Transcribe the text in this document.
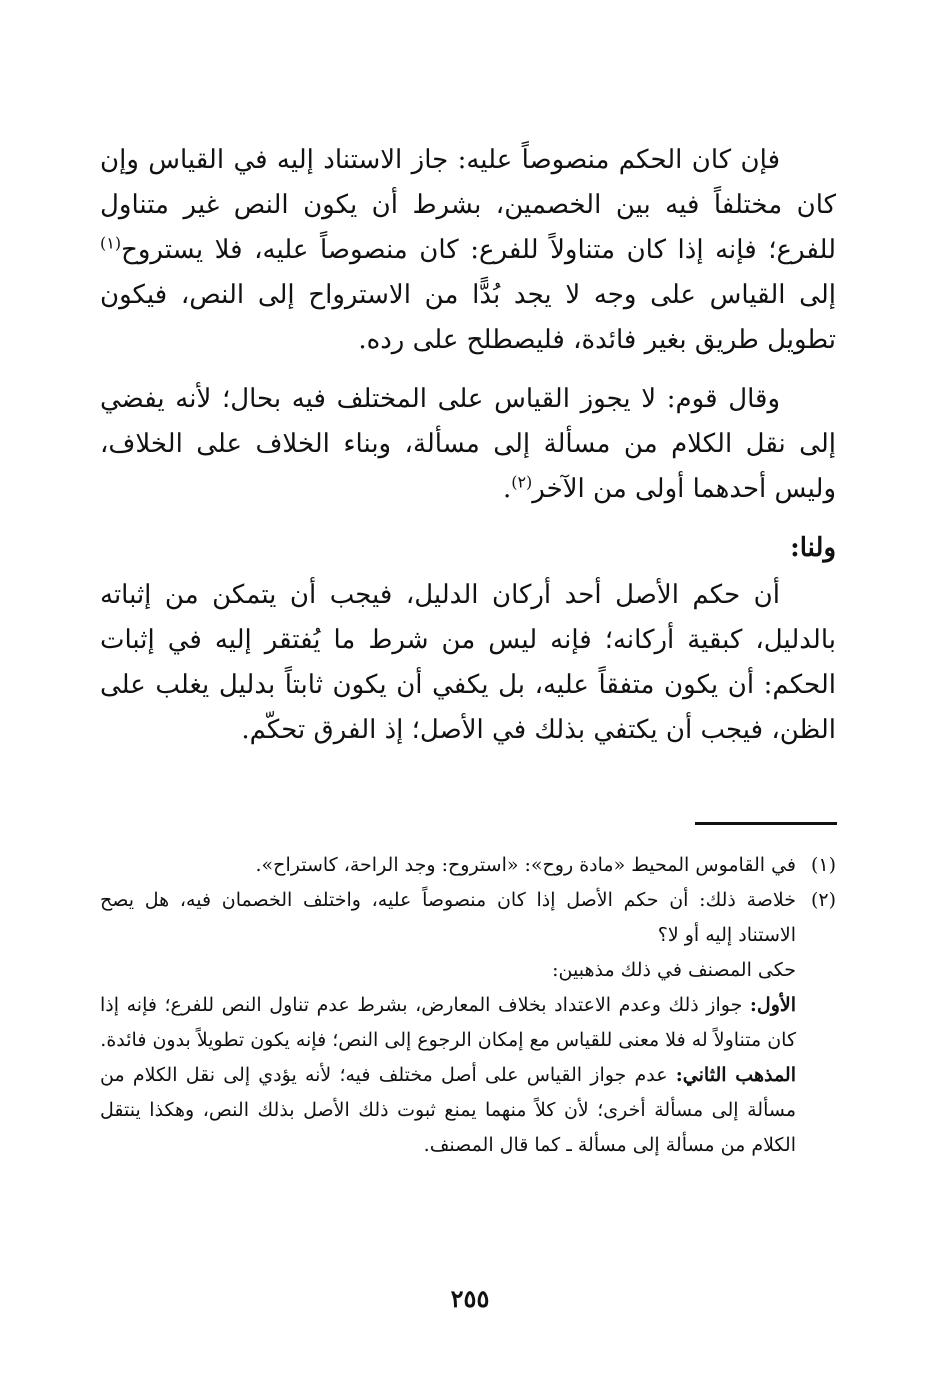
فإن كان الحكم منصوصاً عليه: جاز الاستناد إليه في القياس وإن كان مختلفاً فيه بين الخصمين، بشرط أن يكون النص غير متناول للفرع؛ فإنه إذا كان متناولاً للفرع: كان منصوصاً عليه، فلا يستروح$^{(١)}$ إلى القياس على وجه لا يجد بُدًّا من الاسترواح إلى النص، فيكون تطويل طريق بغير فائدة، فليصطلح على رده.

وقال قوم: لا يجوز القياس على المختلف فيه بحال؛ لأنه يفضي إلى نقل الكلام من مسألة إلى مسألة، وبناء الخلاف على الخلاف، وليس أحدهما أولى من الآخر$^{(٢)}$.

ولنا:

أن حكم الأصل أحد أركان الدليل، فيجب أن يتمكن من إثباته بالدليل، كبقية أركانه؛ فإنه ليس من شرط ما يُفتقر إليه في إثبات الحكم: أن يكون متفقاً عليه، بل يكفي أن يكون ثابتاً بدليل يغلب على الظن، فيجب أن يكتفي بذلك في الأصل؛ إذ الفرق تحكّم.

(١)في القاموس المحيط «مادة روح»: «استروح: وجد الراحة، كاستراح».

(٢)خلاصة ذلك: أن حكم الأصل إذا كان منصوصاً عليه، واختلف الخصمان فيه، هل يصح الاستناد إليه أو لا؟

حكى المصنف في ذلك مذهبين:

الأول: جواز ذلك وعدم الاعتداد بخلاف المعارض، بشرط عدم تناول النص للفرع؛ فإنه إذا كان متناولاً له فلا معنى للقياس مع إمكان الرجوع إلى النص؛ فإنه يكون تطويلاً بدون فائدة.

المذهب الثاني: عدم جواز القياس على أصل مختلف فيه؛ لأنه يؤدي إلى نقل الكلام من مسألة إلى مسألة أخرى؛ لأن كلاً منهما يمنع ثبوت ذلك الأصل بذلك النص، وهكذا ينتقل الكلام من مسألة إلى مسألة ـ كما قال المصنف.

٢٥٥
